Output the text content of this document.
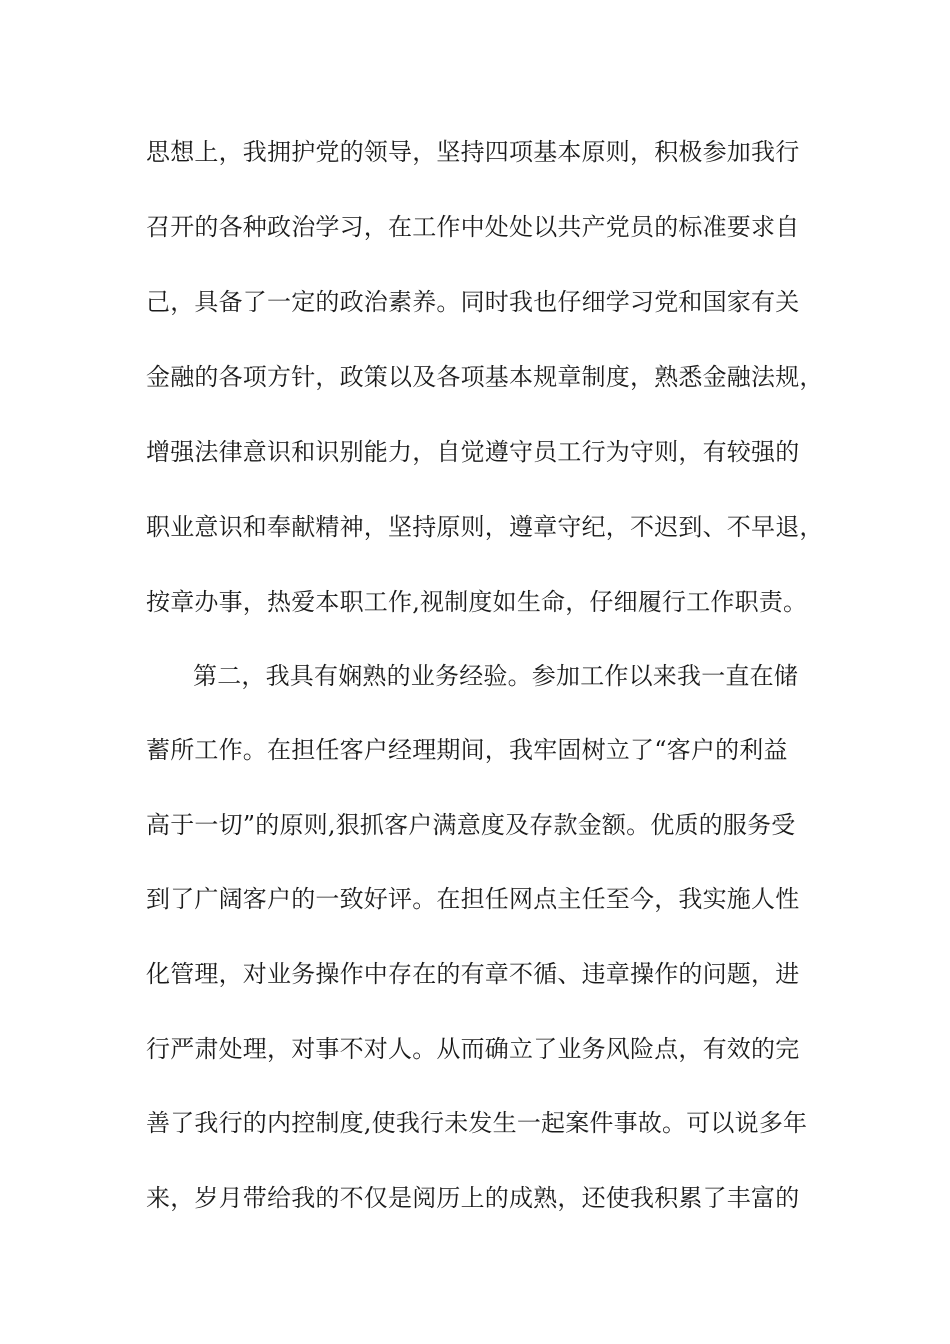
思想上，我拥护党的领导，坚持四项基本原则，积极参加我行
召开的各种政治学习，在工作中处处以共产党员的标准要求自
己，具备了一定的政治素养。同时我也仔细学习党和国家有关
金融的各项方针，政策以及各项基本规章制度，熟悉金融法规，
增强法律意识和识别能力，自觉遵守员工行为守则，有较强的
职业意识和奉献精神，坚持原则，遵章守纪，不迟到、不早退，
按章办事，热爱本职工作,视制度如生命，仔细履行工作职责。
第二，我具有娴熟的业务经验。参加工作以来我一直在储
蓄所工作。在担任客户经理期间，我牢固树立了“客户的利益
高于一切”的原则,狠抓客户满意度及存款金额。优质的服务受
到了广阔客户的一致好评。在担任网点主任至今，我实施人性
化管理，对业务操作中存在的有章不循、违章操作的问题，进
行严肃处理，对事不对人。从而确立了业务风险点，有效的完
善了我行的内控制度,使我行未发生一起案件事故。可以说多年
来，岁月带给我的不仅是阅历上的成熟，还使我积累了丰富的
